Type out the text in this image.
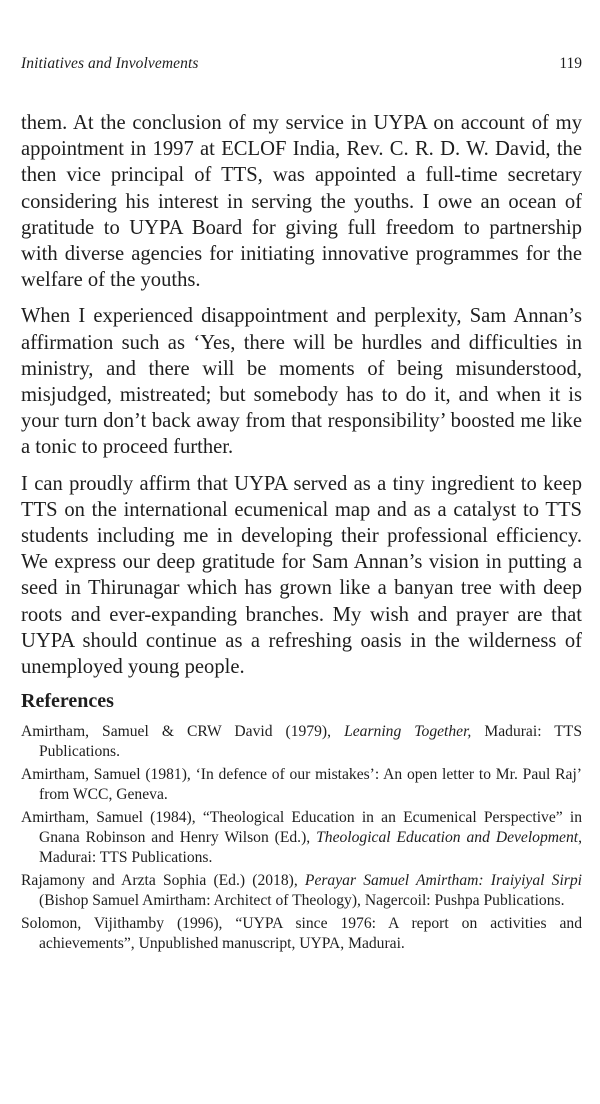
Initiatives and Involvements	119

them. At the conclusion of my service in UYPA on account of my appointment in 1997 at ECLOF India, Rev. C. R. D. W. David, the then vice principal of TTS, was appointed a full-time secretary considering his interest in serving the youths. I owe an ocean of gratitude to UYPA Board for giving full freedom to partnership with diverse agencies for initiating innovative programmes for the welfare of the youths.

When I experienced disappointment and perplexity, Sam Annan’s affirmation such as ‘Yes, there will be hurdles and difficulties in ministry, and there will be moments of being misunderstood, misjudged, mistreated; but somebody has to do it, and when it is your turn don’t back away from that responsibility’ boosted me like a tonic to proceed further.

I can proudly affirm that UYPA served as a tiny ingredient to keep TTS on the international ecumenical map and as a catalyst to TTS students including me in developing their professional efficiency. We express our deep gratitude for Sam Annan’s vision in putting a seed in Thirunagar which has grown like a banyan tree with deep roots and ever-expanding branches. My wish and prayer are that UYPA should continue as a refreshing oasis in the wilderness of unemployed young people.

References

Amirtham, Samuel & CRW David (1979), Learning Together, Madurai: TTS Publications.

Amirtham, Samuel (1981), ‘In defence of our mistakes’: An open letter to Mr. Paul Raj’ from WCC, Geneva.

Amirtham, Samuel (1984), “Theological Education in an Ecumenical Perspective” in Gnana Robinson and Henry Wilson (Ed.), Theological Education and Development, Madurai: TTS Publications.

Rajamony and Arzta Sophia (Ed.) (2018), Perayar Samuel Amirtham: Iraiyiyal Sirpi (Bishop Samuel Amirtham: Architect of Theology), Nagercoil: Pushpa Publications.

Solomon, Vijithamby (1996), “UYPA since 1976: A report on activities and achievements”, Unpublished manuscript, UYPA, Madurai.
